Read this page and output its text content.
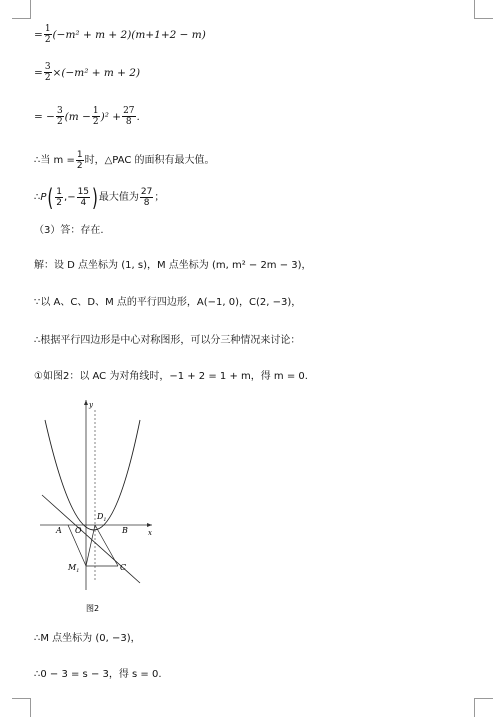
= $\frac{1}{2} (-m^2 + m + 2)(m+1+2 - m)$
= $\frac{3}{2} \times(-m^2 + m + 2)$
= − $\frac{3}{2} (m - \frac{1}{2} )^2 + \frac{27}{8}$ .
∴当 $m = \frac{1}{2}$ 时，△PAC 的面积有最大值。
∴P ( $\frac{1}{2}$ , − $\frac{15}{4}$ ) 最大值为 $\frac{27}{8}$ ；
（3）答：存在.
解：设 D 点坐标为 (1, s)，M 点坐标为 (m, m² − 2m − 3)，
∵以 A、C、D、M 点的平行四边形，A(−1, 0)，C(2, −3)，
∴根据平行四边形是中心对称图形，可以分三种情况来讨论：
①如图2：以 AC 为对角线时，−1 + 2 = 1 + m，得 m = 0.
A O	B
C
$D_1$
$M_1$
x
y
图2
∴M 点坐标为 (0, −3)，
∴0 − 3 = s − 3，得 s = 0.
